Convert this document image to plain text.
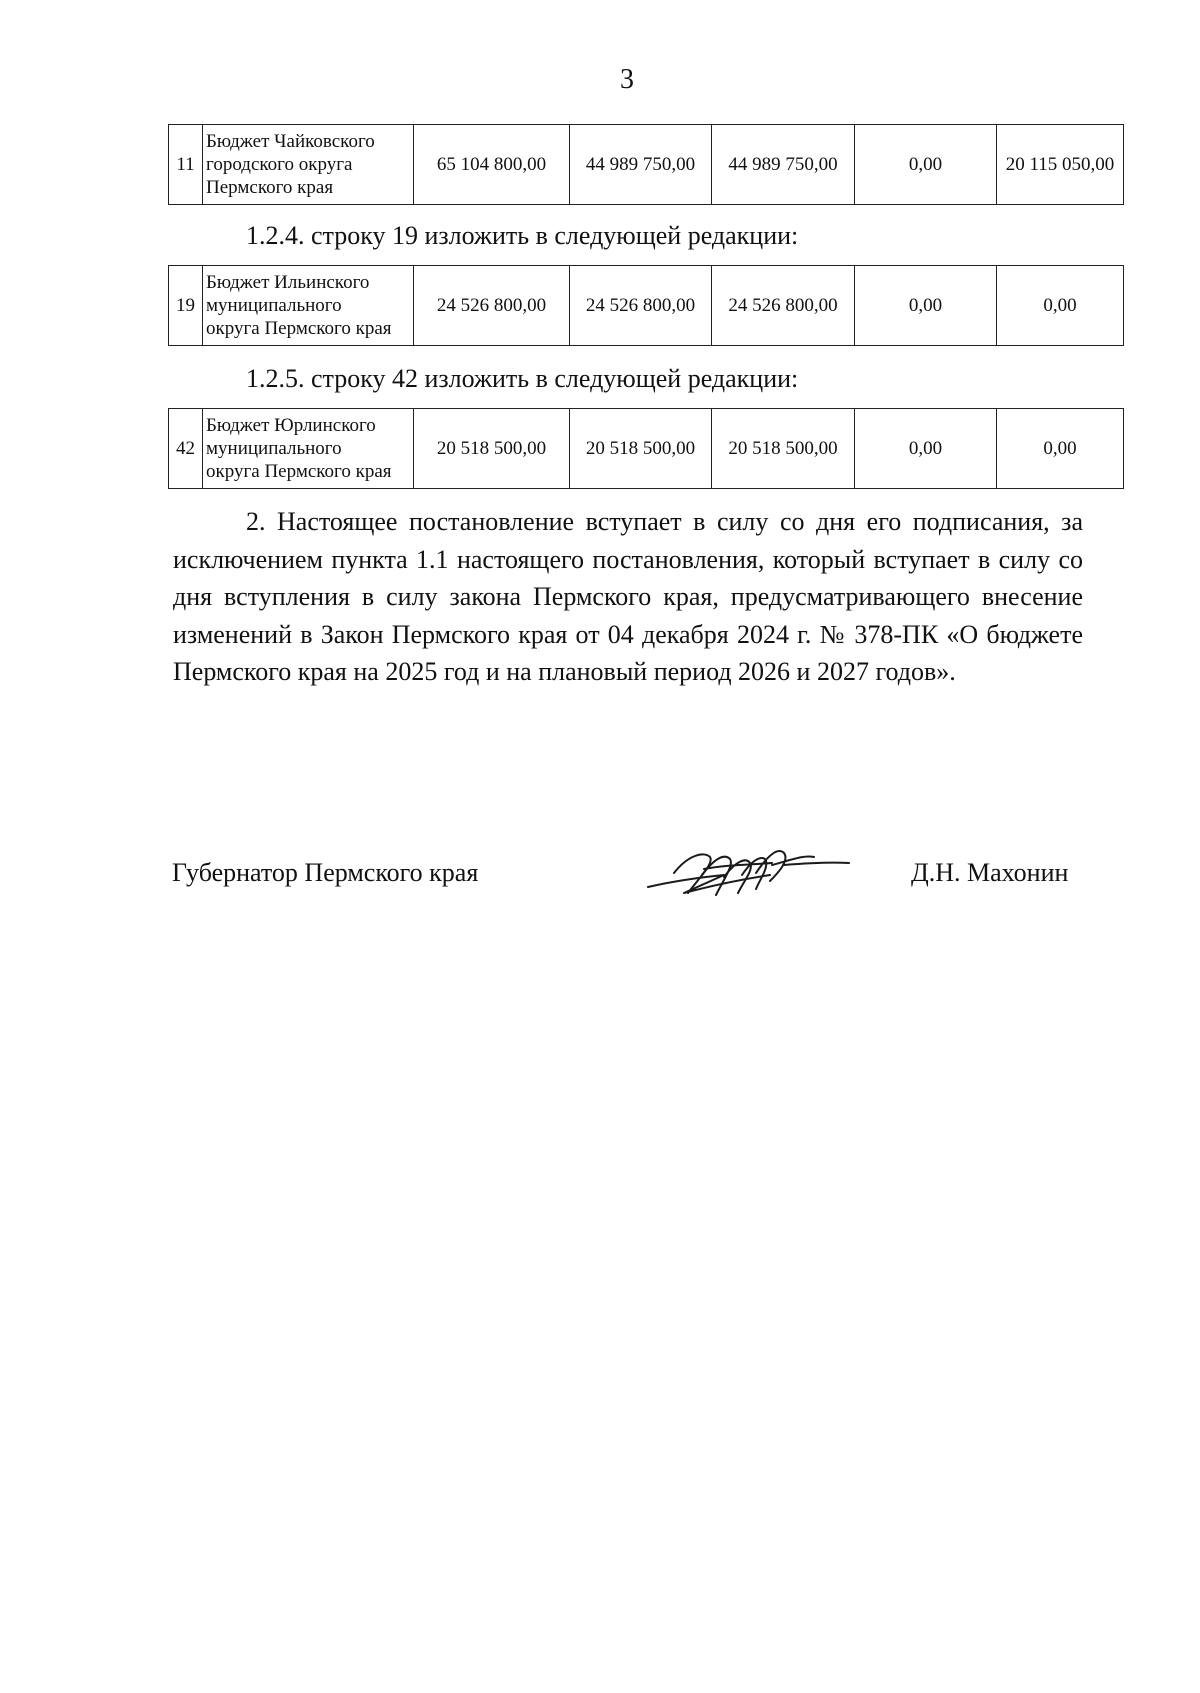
3
11	
Бюджет Чайковского
городского округа
Пермского края
	65 104 800,00	44 989 750,00	44 989 750,00	0,00	20 115 050,00
1.2.4. строку 19 изложить в следующей редакции:
19	
Бюджет Ильинского
муниципального
округа Пермского края
	24 526 800,00	24 526 800,00	24 526 800,00	0,00	0,00
1.2.5. строку 42 изложить в следующей редакции:
42	
Бюджет Юрлинского
муниципального
округа Пермского края
	20 518 500,00	20 518 500,00	20 518 500,00	0,00	0,00

2. Настоящее постановление вступает в силу со дня его подписания, за исключением пункта 1.1 настоящего постановления, который вступает в силу со дня вступления в силу закона Пермского края, предусматривающего внесение изменений в Закон Пермского края от 04 декабря 2024 г. № 378-ПК «О бюджете Пермского края на 2025 год и на плановый период 2026 и 2027 годов».

Губернатор Пермского края	Д.Н. Махонин
